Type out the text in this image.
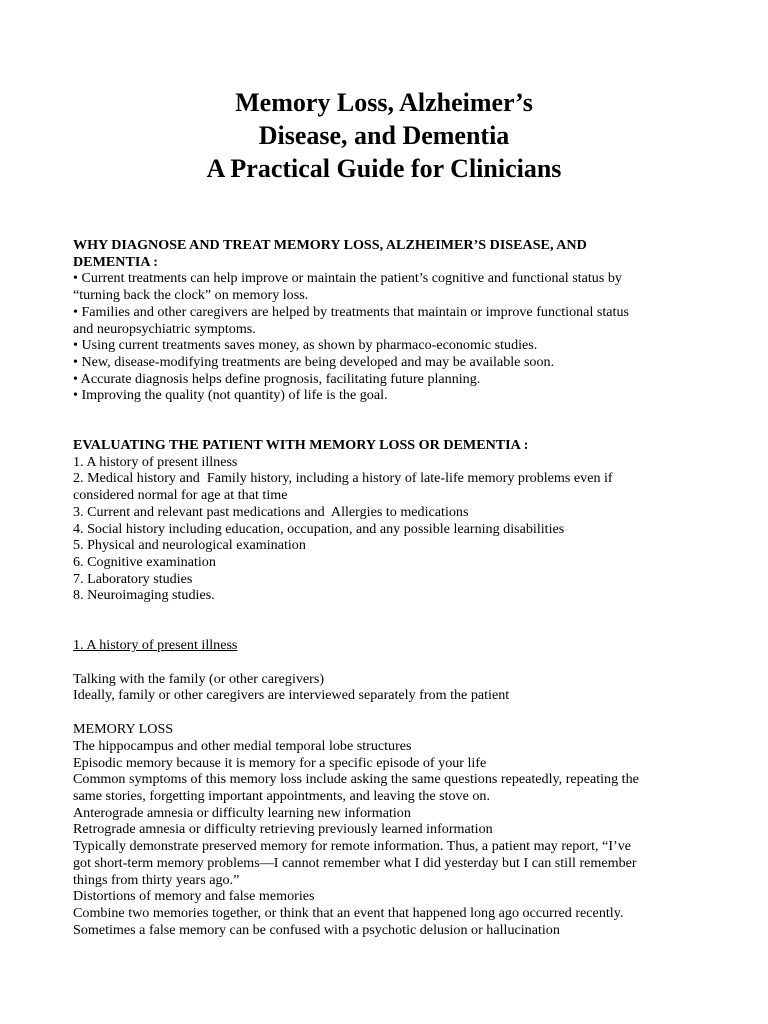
Memory Loss, Alzheimer’s
Disease, and Dementia
A Practical Guide for Clinicians
WHY DIAGNOSE AND TREAT MEMORY LOSS, ALZHEIMER’S DISEASE, AND
DEMENTIA :
• Current treatments can help improve or maintain the patient’s cognitive and functional status by
“turning back the clock” on memory loss.
• Families and other caregivers are helped by treatments that maintain or improve functional status
and neuropsychiatric symptoms.
• Using current treatments saves money, as shown by pharmaco-economic studies.
• New, disease-modifying treatments are being developed and may be available soon.
• Accurate diagnosis helps define prognosis, facilitating future planning.
• Improving the quality (not quantity) of life is the goal.
EVALUATING THE PATIENT WITH MEMORY LOSS OR DEMENTIA :
1. A history of present illness
2. Medical history and  Family history, including a history of late-life memory problems even if
considered normal for age at that time
3. Current and relevant past medications and  Allergies to medications
4. Social history including education, occupation, and any possible learning disabilities
5. Physical and neurological examination
6. Cognitive examination
7. Laboratory studies
8. Neuroimaging studies.
1. A history of present illness
Talking with the family (or other caregivers)
Ideally, family or other caregivers are interviewed separately from the patient
MEMORY LOSS
The hippocampus and other medial temporal lobe structures
Episodic memory because it is memory for a specific episode of your life
Common symptoms of this memory loss include asking the same questions repeatedly, repeating the
same stories, forgetting important appointments, and leaving the stove on.
Anterograde amnesia or difficulty learning new information
Retrograde amnesia or difficulty retrieving previously learned information
Typically demonstrate preserved memory for remote information. Thus, a patient may report, “I’ve
got short-term memory problems—I cannot remember what I did yesterday but I can still remember
things from thirty years ago.”
Distortions of memory and false memories
Combine two memories together, or think that an event that happened long ago occurred recently.
Sometimes a false memory can be confused with a psychotic delusion or hallucination
